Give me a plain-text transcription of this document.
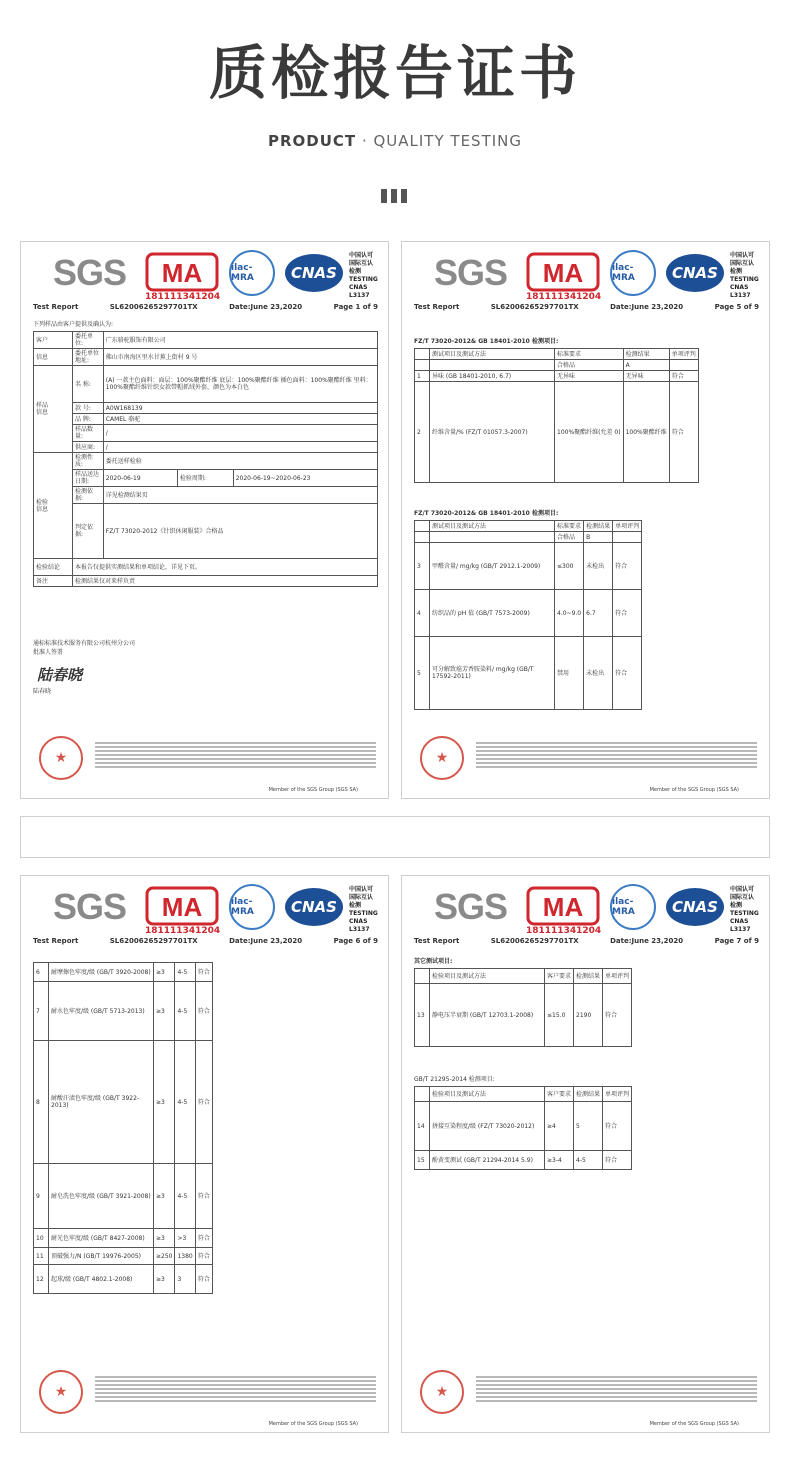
质检报告证书
PRODUCT · QUALITY TESTING
SGS MA
181111341204
ilac-MRA	CNAS
中国认可
国际互认
检测
TESTING
CNAS L3137
Test Report	SL62006265297701TX	Date:June 23,2020	Page 1 of 9
下列样品由客户提供及确认为:
客户	委托单位:	广东骆驼服饰有限公司		
信息	委托单位地址:	佛山市南海区里水甘蕉上街村 9 号		
样品
信息	名 称:	(A) 一款主色面料：面层：100%聚酯纤维 底层：100%聚酯纤维 插色面料：100%聚酯纤维 里料：100%聚酯纤维针织女款带帽抓绒外套，颜色为本白色		
	款 号:	A0W168139		
	品 牌:	CAMEL 骆驼		
	样品数量:	/		
	供应商:	/		
检验
信息	检测性质:	委托送样检验		
	样品送达日期:	2020-06-19	检验周期:	2020-06-19~2020-06-23
	检测依据:	详见检测结果页		
	判定依据:	FZ/T 73020-2012《针织休闲服装》合格品		
检验结论	本报告仅提供实测结果和单项结论，详见下页。			
备注	检测结果仅对来样负责			
通标标准技术服务有限公司杭州分公司
批准人签署
陆春晓
陆春晓
★
Member of the SGS Group (SGS SA)
SGS MA
181111341204
ilac-MRA	CNAS
中国认可
国际互认
检测
TESTING
CNAS L3137
Test Report	SL62006265297701TX	Date:June 23,2020	Page 5 of 9
FZ/T 73020-2012& GB 18401-2010 检测项目:
	测试项目及测试方法	标准要求	检测结果	单项评判
		合格品	A	
1	异味 (GB 18401-2010, 6.7)	无异味	无异味	符合
2	纤维含量/% (FZ/T 01057.3-2007)	100%聚酯纤维(允差 0)	100%聚酯纤维	符合
FZ/T 73020-2012& GB 18401-2010 检测项目:
	测试项目及测试方法	标准要求	检测结果	单项评判
		合格品	B	
3	甲醛含量/ mg/kg (GB/T 2912.1-2009)	≤300	未检出	符合
4	纺织品的 pH 值 (GB/T 7573-2009)	4.0~9.0	6.7	符合
5	可分解致癌芳香胺染料/ mg/kg (GB/T 17592-2011)	禁用	未检出	符合
★
Member of the SGS Group (SGS SA)
SGS MA
181111341204
ilac-MRA	CNAS
中国认可
国际互认
检测
TESTING
CNAS L3137
Test Report	SL62006265297701TX	Date:June 23,2020	Page 6 of 9
6	耐摩擦色牢度/级 (GB/T 3920-2008)	≥3	4-5	符合
7	耐水色牢度/级 (GB/T 5713-2013)	≥3	4-5	符合
8	耐酸汗渍色牢度/级 (GB/T 3922-2013)	≥3	4-5	符合
9	耐皂洗色牢度/级 (GB/T 3921-2008)	≥3	4-5	符合
10	耐光色牢度/级 (GB/T 8427-2008)	≥3	>3	符合
11	顶破强力/N (GB/T 19976-2005)	≥250	1380	符合
12	起球/级 (GB/T 4802.1-2008)	≥3	3	符合
★
Member of the SGS Group (SGS SA)
SGS MA
181111341204
ilac-MRA	CNAS
中国认可
国际互认
检测
TESTING
CNAS L3137
Test Report	SL62006265297701TX	Date:June 23,2020	Page 7 of 9
其它测试项目:
	检验项目及测试方法	客户要求	检测结果	单项评判
13	静电压半衰期 (GB/T 12703.1-2008)	≤15.0	2190	符合
GB/T 21295-2014 检测项目:
	检验项目及测试方法	客户要求	检测结果	单项评判
14	拼接互染程度/级 (FZ/T 73020-2012)	≥4	5	符合
15	酚黄变测试 (GB/T 21294-2014 5.9)	≥3-4	4-5	符合
★
Member of the SGS Group (SGS SA)
